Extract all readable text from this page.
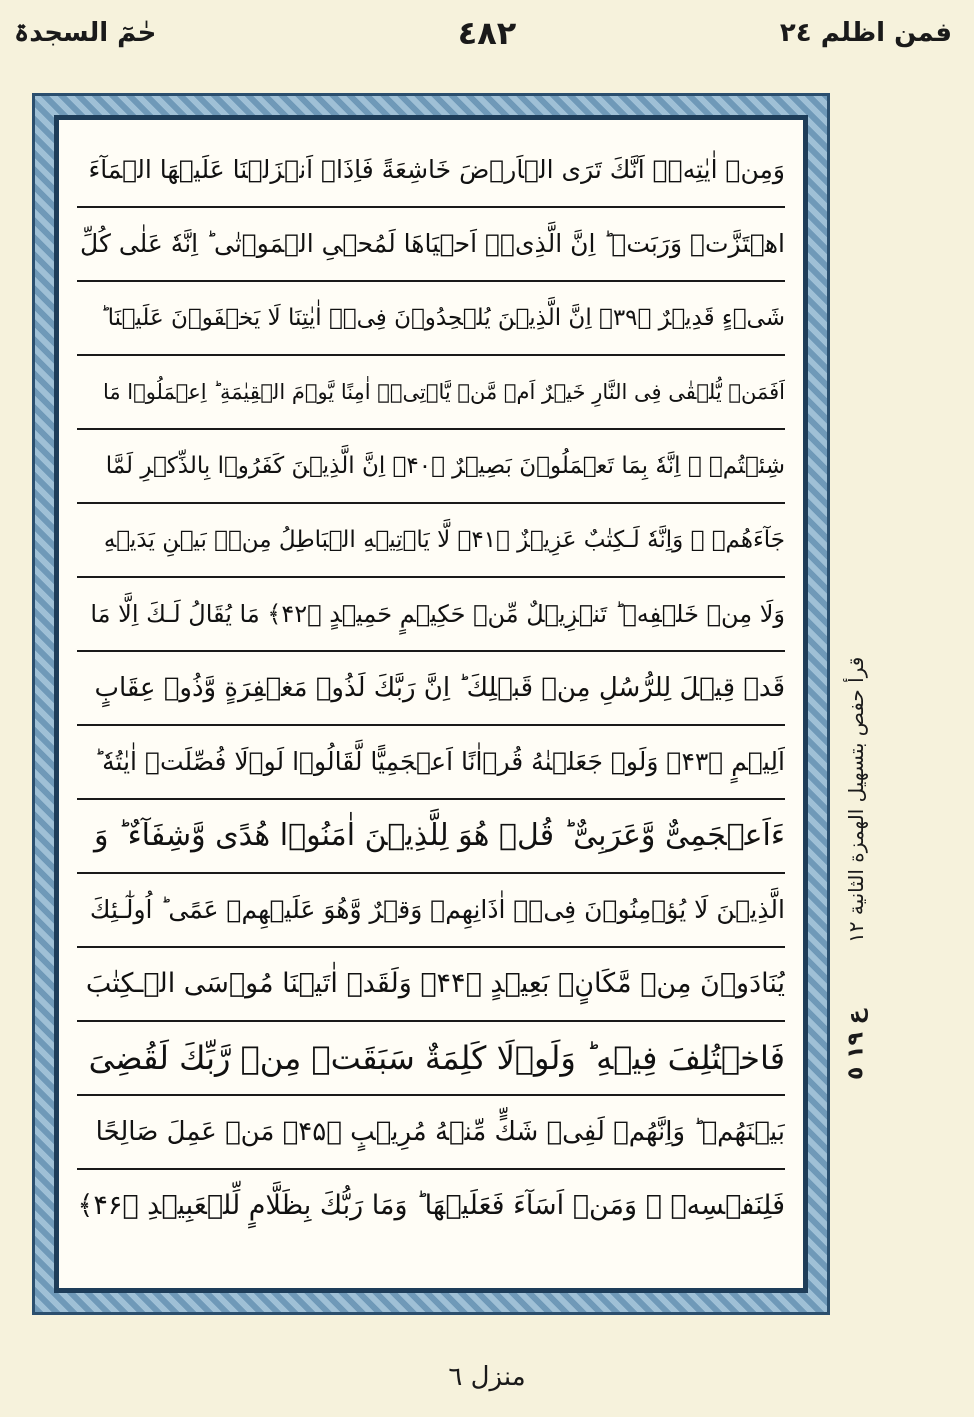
فمن اظلم ٢٤
٤٨٢
حٰمٓ السجدۃ
وَمِنۡ اٰيٰتِهٖۤ اَنَّكَ تَرَى الۡاَرۡضَ خَاشِعَةً فَاِذَاۤ اَنۡزَلۡنَا عَلَيۡهَا الۡمَآءَ
اهۡتَزَّتۡ وَرَبَتۡ ؕ اِنَّ الَّذِىۡۤ اَحۡيَاهَا لَمُحۡىِ الۡمَوۡتٰى ؕ اِنَّهٗ عَلٰى كُلِّ
شَىۡءٍ قَدِيۡرٌ ﴿۳۹﴾ اِنَّ الَّذِيۡنَ يُلۡحِدُوۡنَ فِىۡۤ اٰيٰتِنَا لَا يَخۡفَوۡنَ عَلَيۡنَا ؕ
اَفَمَنۡ يُّلۡقٰى فِى النَّارِ خَيۡرٌ اَمۡ مَّنۡ يَّاۡتِىۡۤ اٰمِنًا يَّوۡمَ الۡقِيٰمَةِ ؕ اِعۡمَلُوۡا مَا
شِئۡتُمۡ ۙ اِنَّهٗ بِمَا تَعۡمَلُوۡنَ بَصِيۡرٌ ﴿۴۰﴾ اِنَّ الَّذِيۡنَ كَفَرُوۡا بِالذِّكۡرِ لَمَّا
جَآءَهُمۡ ۚ وَاِنَّهٗ لَـكِتٰبٌ عَزِيۡزٌ ﴿۴۱﴾ لَّا يَاۡتِيۡهِ الۡبَاطِلُ مِنۡۢ بَيۡنِ يَدَيۡهِ
وَلَا مِنۡ خَلۡفِهٖ ؕ تَنۡزِيۡلٌ مِّنۡ حَكِيۡمٍ حَمِيۡدٍ ﴿۴۲﴾ مَا يُقَالُ لَـكَ اِلَّا مَا
قَدۡ قِيۡلَ لِلرُّسُلِ مِنۡ قَبۡلِكَ ؕ اِنَّ رَبَّكَ لَذُوۡ مَغۡفِرَةٍ وَّذُوۡ عِقَابٍ
اَلِيۡمٍ ﴿۴۳﴾ وَلَوۡ جَعَلۡنٰهُ قُرۡاٰنًا اَعۡجَمِيًّا لَّقَالُوۡا لَوۡلَا فُصِّلَتۡ اٰيٰتُهٗ ؕ
ءَاَعۡجَمِىٌّ وَّعَرَبِىٌّ ؕ قُلۡ هُوَ لِلَّذِيۡنَ اٰمَنُوۡا هُدًى وَّشِفَآءٌ ؕ وَ
الَّذِيۡنَ لَا يُؤۡمِنُوۡنَ فِىۡۤ اٰذَانِهِمۡ وَقۡرٌ وَّهُوَ عَلَيۡهِمۡ عَمًى ؕ اُولٰٓـئِكَ
يُنَادَوۡنَ مِنۡ مَّكَانٍۢ بَعِيۡدٍ ﴿۴۴﴾ وَلَقَدۡ اٰتَيۡنَا مُوۡسَى الۡـكِتٰبَ
فَاخۡتُلِفَ فِيۡهِ ؕ وَلَوۡلَا كَلِمَةٌ سَبَقَتۡ مِنۡ رَّبِّكَ لَقُضِىَ
بَيۡنَهُمۡ ؕ وَاِنَّهُمۡ لَفِىۡ شَكٍّ مِّنۡهُ مُرِيۡبٍ ﴿۴۵﴾ مَنۡ عَمِلَ صَالِحًا
فَلِنَفۡسِهٖ ۚ وَمَنۡ اَسَآءَ فَعَلَيۡهَا ؕ وَمَا رَبُّكَ بِظَلَّامٍ لِّلۡعَبِيۡدِ ﴿۴۶﴾
قرأ حفص بتسهيل الهمزة الثانية ١٢
ع ١٩ ٥
منزل ٦
